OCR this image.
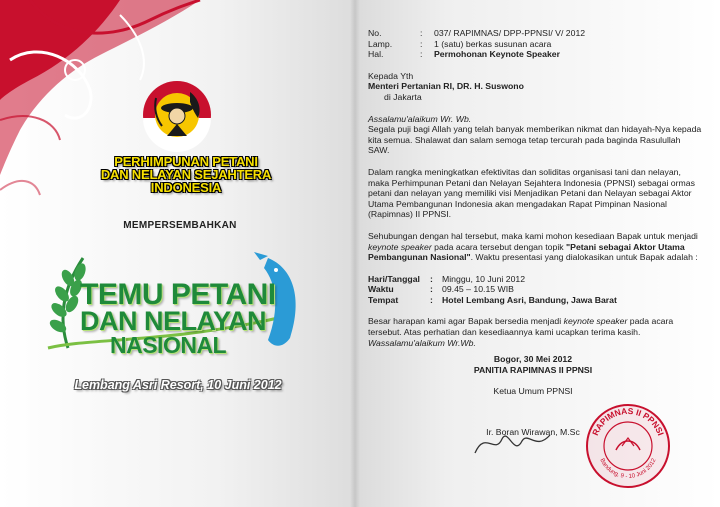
PERHIMPUNAN PETANI
DAN NELAYAN SEJAHTERA
INDONESIA
MEMPERSEMBAHKAN
TEMU PETANI
DAN NELAYAN
NASIONAL
Lembang Asri Resort, 10 Juni 2012
No.	:	037/ RAPIMNAS/ DPP-PPNSI/ V/ 2012
Lamp.	:	1 (satu) berkas susunan acara
Hal.	:	Permohonan Keynote Speaker
Kepada Yth
Menteri Pertanian RI, DR. H. Suswono
di Jakarta
Assalamu'alaikum Wr. Wb.

Segala puji bagi Allah yang telah banyak memberikan nikmat dan hidayah-Nya kepada kita semua. Shalawat dan salam semoga tetap tercurah pada baginda Rasulullah SAW.

Dalam rangka meningkatkan efektivitas dan soliditas organisasi tani dan nelayan, maka Perhimpunan Petani dan Nelayan Sejahtera Indonesia (PPNSI) sebagai ormas petani dan nelayan yang memiliki visi Menjadikan Petani dan Nelayan sebagai Aktor Utama Pembangunan Indonesia akan mengadakan Rapat Pimpinan Nasional (Rapimnas) II PPNSI.

Sehubungan dengan hal tersebut, maka kami mohon kesediaan Bapak untuk menjadi keynote speaker pada acara tersebut dengan topik "Petani sebagai Aktor Utama Pembangunan Nasional". Waktu presentasi yang dialokasikan untuk Bapak adalah :

Hari/Tanggal	:	Minggu, 10 Juni 2012
Waktu	:	09.45 – 10.15 WIB
Tempat	:	Hotel Lembang Asri, Bandung, Jawa Barat

Besar harapan kami agar Bapak bersedia menjadi keynote speaker pada acara tersebut. Atas perhatian dan kesediaannya kami ucapkan terima kasih.

Wassalamu'alaikum Wr.Wb.
Bogor, 30 Mei 2012
PANITIA RAPIMNAS II PPNSI
Ketua Umum PPNSI
Ir. Boran Wirawan, M.Sc	RAPIMNAS II PPNSI
Bandung, 9 - 10 Juni 2012
